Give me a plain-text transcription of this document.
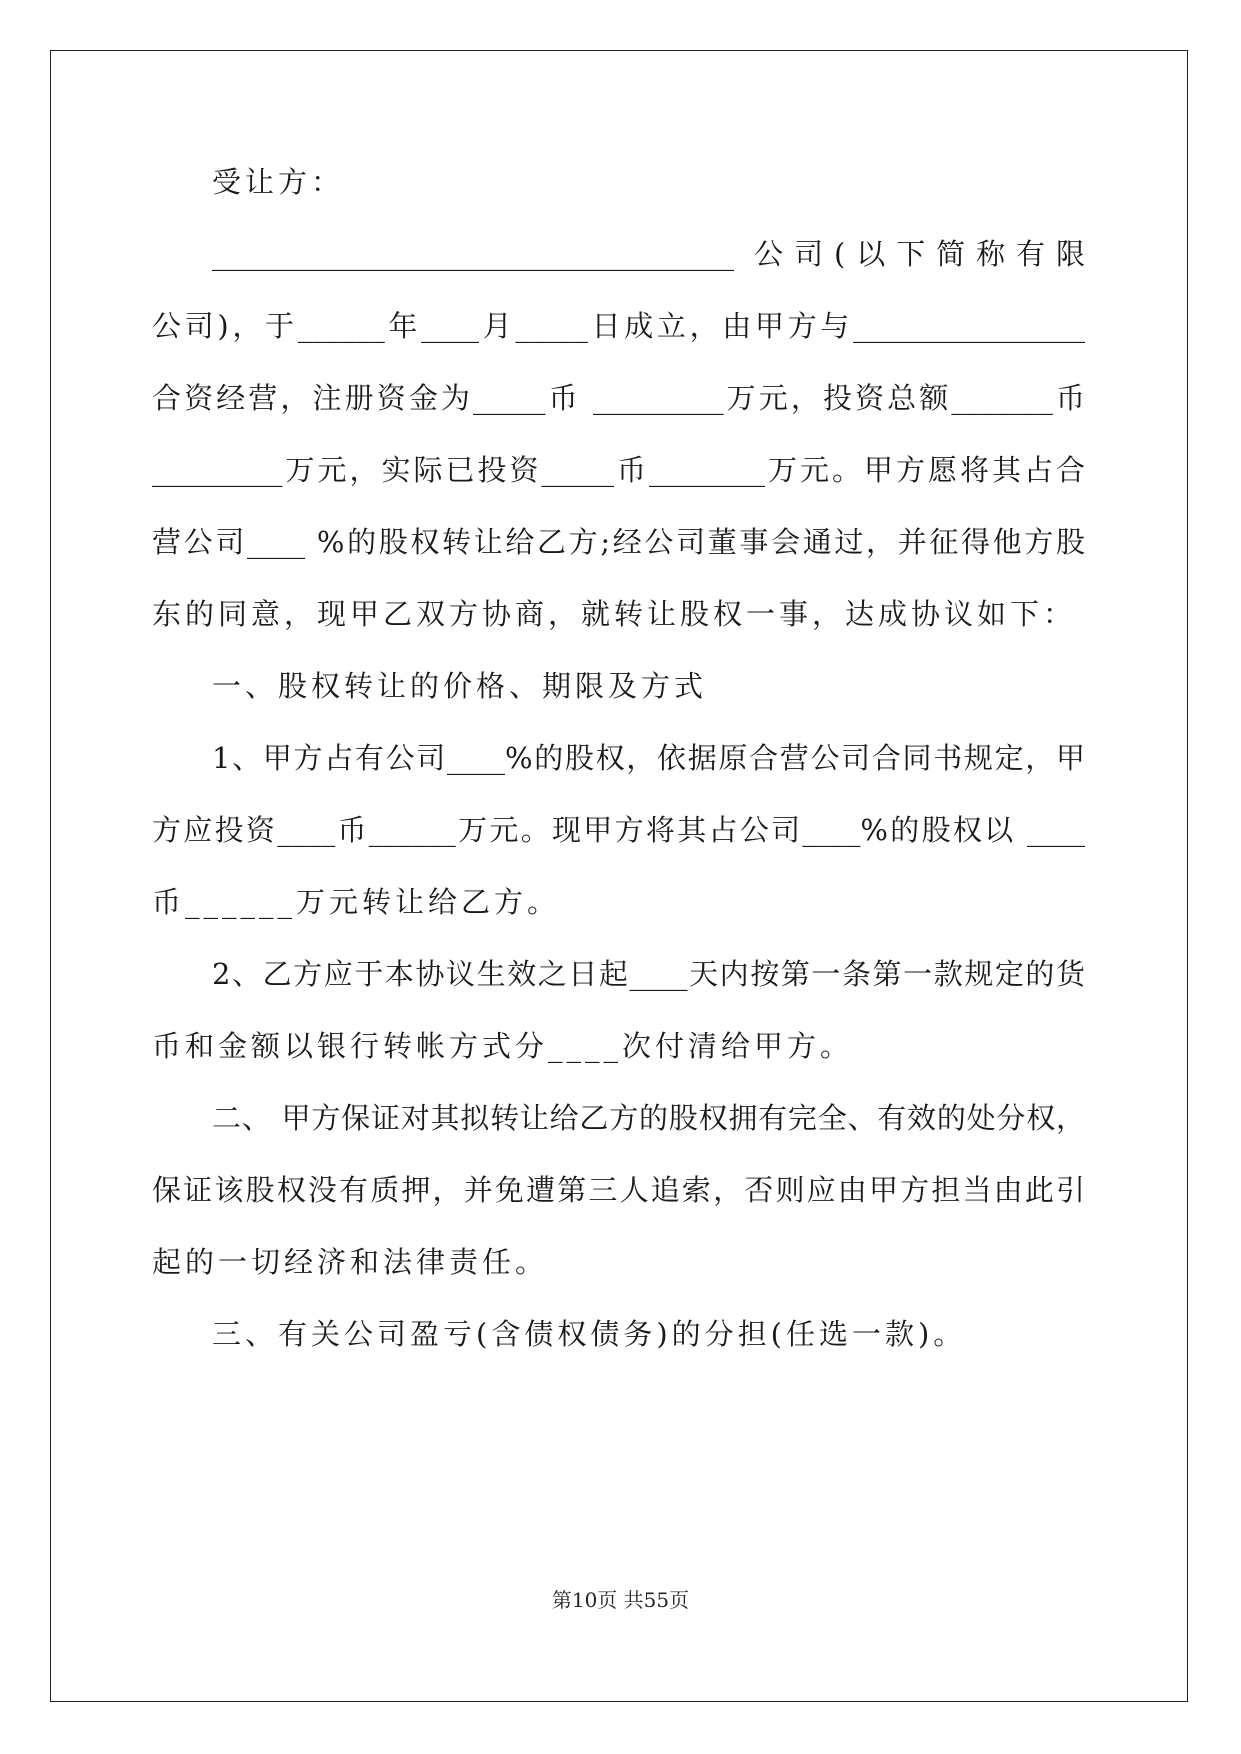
受让方：
____________________________________ 公司(以下简称有限
公司)，于______年____月_____日成立，由甲方与________________
合资经营，注册资金为_____币 _________万元，投资总额_______币
_________万元，实际已投资_____币________万元。甲方愿将其占合
营公司____ %的股权转让给乙方;经公司董事会通过，并征得他方股
东的同意，现甲乙双方协商，就转让股权一事，达成协议如下：
一、股权转让的价格、期限及方式
1、甲方占有公司____%的股权，依据原合营公司合同书规定，甲
方应投资____币______万元。现甲方将其占公司____%的股权以 ____
币______万元转让给乙方。
2、乙方应于本协议生效之日起____天内按第一条第一款规定的货
币和金额以银行转帐方式分____次付清给甲方。
二、 甲方保证对其拟转让给乙方的股权拥有完全、有效的处分权，
保证该股权没有质押，并免遭第三人追索，否则应由甲方担当由此引
起的一切经济和法律责任。
三、有关公司盈亏(含债权债务)的分担(任选一款)。
第10页 共55页
